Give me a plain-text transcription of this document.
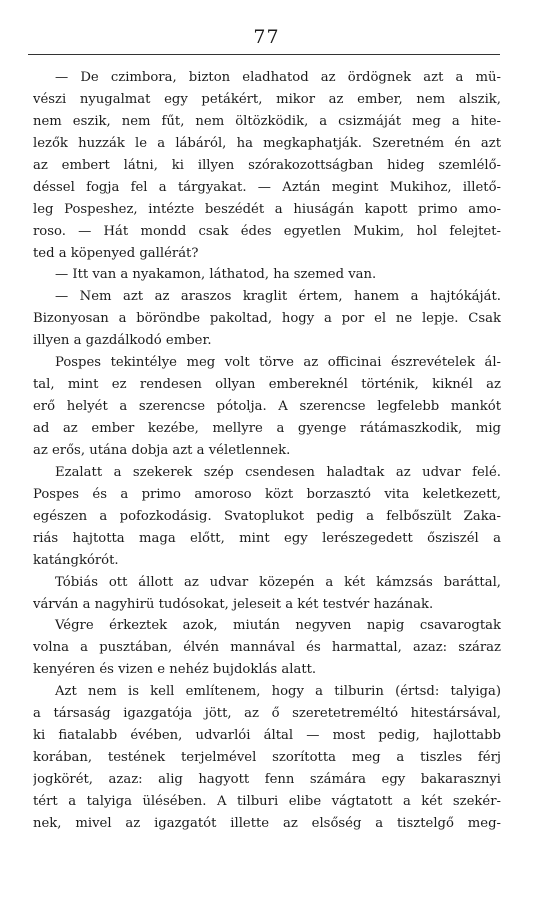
77
— De czimbora, bizton eladhatod az ördögnek azt a mü-
vészi nyugalmat egy petákért, mikor az ember, nem alszik,
nem eszik, nem fűt, nem öltözködik, a csizmáját meg a hite-
lezők huzzák le a lábáról, ha megkaphatják. Szeretném én azt
az embert látni, ki illyen szórakozottságban hideg szemlélő-
déssel fogja fel a tárgyakat. — Aztán megint Mukihoz, illető-
leg Pospeshez, intézte beszédét a hiuságán kapott primo amo-
roso. — Hát mondd csak édes egyetlen Mukim, hol felejtet-
ted a köpenyed gallérát?
— Itt van a nyakamon, láthatod, ha szemed van.
— Nem azt az araszos kraglit értem, hanem a hajtókáját.
Bizonyosan a böröndbe pakoltad, hogy a por el ne lepje. Csak
illyen a gazdálkodó ember.
Pospes tekintélye meg volt törve az officinai észrevételek ál-
tal, mint ez rendesen ollyan embereknél történik, kiknél az
erő helyét a szerencse pótolja. A szerencse legfelebb mankót
ad az ember kezébe, mellyre a gyenge rátámaszkodik, mig
az erős, utána dobja azt a véletlennek.
Ezalatt a szekerek szép csendesen haladtak az udvar felé.
Pospes és a primo amoroso közt borzasztó vita keletkezett,
egészen a pofozkodásig. Svatoplukot pedig a felbőszült Zaka-
riás hajtotta maga előtt, mint egy lerészegedett ősziszél a
katángkórót.
Tóbiás ott állott az udvar közepén a két kámzsás baráttal,
várván a nagyhirü tudósokat, jeleseit a két testvér hazának.
Végre érkeztek azok, miután negyven napig csavarogtak
volna a pusztában, élvén mannával és harmattal, azaz: száraz
kenyéren és vizen e nehéz bujdoklás alatt.
Azt nem is kell említenem, hogy a tilburin (értsd: talyiga)
a társaság igazgatója jött, az ő szeretetreméltó hitestársával,
ki fiatalabb évében, udvarlói által — most pedig, hajlottabb
korában, testének terjelmével szorította meg a tiszles férj
jogkörét, azaz: alig hagyott fenn számára egy bakarasznyi
tért a talyiga ülésében. A tilburi elibe vágtatott a két szekér-
nek, mivel az igazgatót illette az elsőség a tisztelgő meg-
